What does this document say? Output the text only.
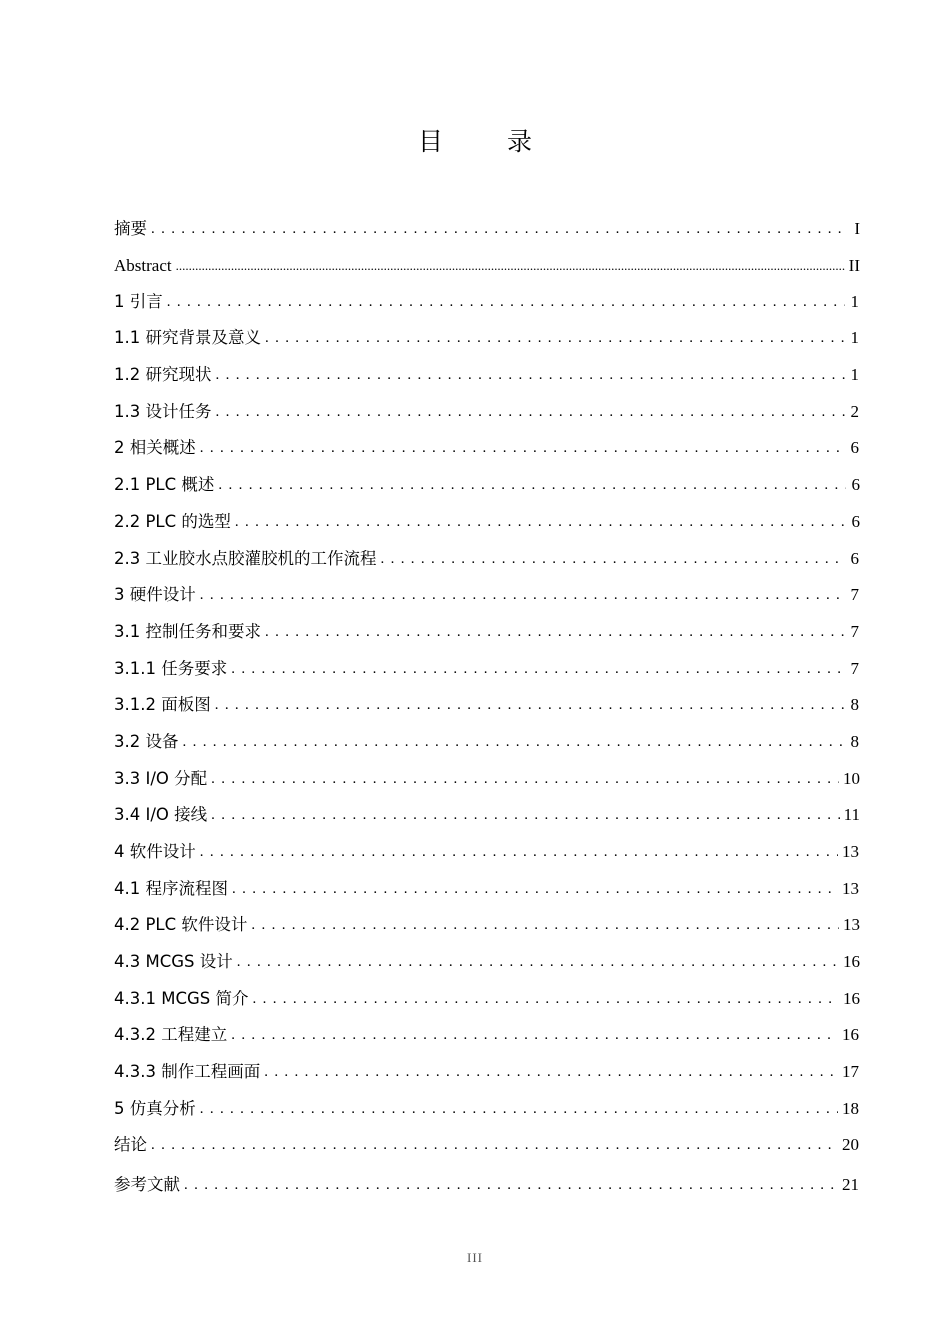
目 录
摘要 . . .	I
Abstract .....	II
1 引言 . . .	1
1.1 研究背景及意义 . . .	1
1.2 研究现状 . . .	1
1.3 设计任务 . . .	2
2 相关概述 . . .	6
2.1 PLC 概述 . . .	6
2.2 PLC 的选型 . . .	6
2.3 工业胶水点胶灌胶机的工作流程 . . .	6
3 硬件设计 . . .	7
3.1 控制任务和要求 . . .	7
3.1.1 任务要求 . . .	7
3.1.2 面板图 . . .	8
3.2 设备 . . .	8
3.3 I/O 分配 . . .	10
3.4 I/O 接线 . . .	11
4 软件设计 . . .	13
4.1 程序流程图 . . .	13
4.2 PLC 软件设计 . . .	13
4.3 MCGS 设计 . . .	16
4.3.1 MCGS 简介 . . .	16
4.3.2 工程建立 . . .	16
4.3.3 制作工程画面 . . .	17
5 仿真分析 . . .	18
结论 . . .	20
参考文献 . . .	21
III
